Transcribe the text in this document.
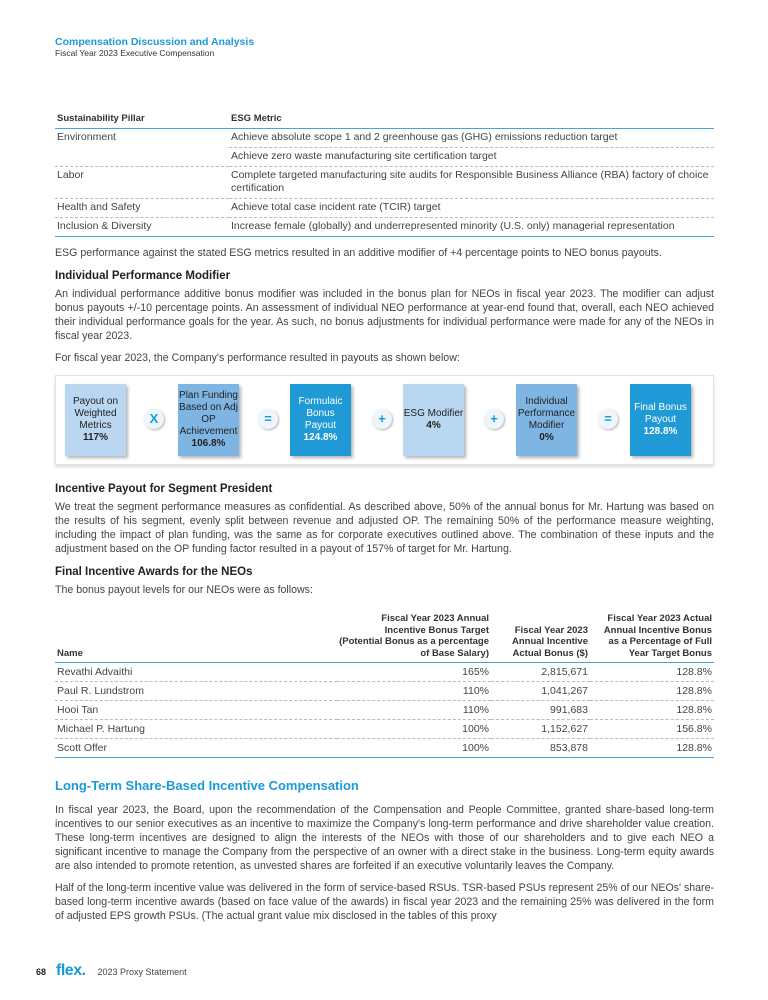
Compensation Discussion and Analysis
Fiscal Year 2023 Executive Compensation
Sustainability Pillar	ESG Metric
Environment	Achieve absolute scope 1 and 2 greenhouse gas (GHG) emissions reduction target
	Achieve zero waste manufacturing site certification target
Labor	Complete targeted manufacturing site audits for Responsible Business Alliance (RBA) factory of choice certification
Health and Safety	Achieve total case incident rate (TCIR) target
Inclusion & Diversity	Increase female (globally) and underrepresented minority (U.S. only) managerial representation

ESG performance against the stated ESG metrics resulted in an additive modifier of +4 percentage points to NEO bonus payouts.

Individual Performance Modifier

An individual performance additive bonus modifier was included in the bonus plan for NEOs in fiscal year 2023. The modifier can adjust bonus payouts +/-10 percentage points. An assessment of individual NEO performance at year-end found that, overall, each NEO achieved their individual performance goals for the year. As such, no bonus adjustments for individual performance were made for any of the NEOs in fiscal year 2023.

For fiscal year 2023, the Company's performance resulted in payouts as shown below:

Payout on Weighted Metrics
117%
X
Plan Funding Based on Adj OP Achievement
106.8%
=
Formulaic Bonus Payout
124.8%
+	ESG Modifier
4%	+
Individual Performance Modifier
0%
=
Final Bonus Payout
128.8%
Incentive Payout for Segment President

We treat the segment performance measures as confidential. As described above, 50% of the annual bonus for Mr. Hartung was based on the results of his segment, evenly split between revenue and adjusted OP. The remaining 50% of the performance measure weighting, including the impact of plan funding, was the same as for corporate executives outlined above. The combination of these inputs and the adjustment based on the OP funding factor resulted in a payout of 157% of target for Mr. Hartung.

Final Incentive Awards for the NEOs

The bonus payout levels for our NEOs were as follows:

Name	Fiscal Year 2023 Annual Incentive Bonus Target (Potential Bonus as a percentage of Base Salary)	Fiscal Year 2023 Annual Incentive Actual Bonus ($)	Fiscal Year 2023 Actual Annual Incentive Bonus as a Percentage of Full Year Target Bonus
Revathi Advaithi	165%	2,815,671	128.8%
Paul R. Lundstrom	110%	1,041,267	128.8%
Hooi Tan	110%	991,683	128.8%
Michael P. Hartung	100%	1,152,627	156.8%
Scott Offer	100%	853,878	128.8%
Long-Term Share-Based Incentive Compensation

In fiscal year 2023, the Board, upon the recommendation of the Compensation and People Committee, granted share-based long-term incentives to our senior executives as an incentive to maximize the Company's long-term performance and drive shareholder value creation. These long-term incentives are designed to align the interests of the NEOs with those of our shareholders and to give each NEO a significant incentive to manage the Company from the perspective of an owner with a direct stake in the business. Long-term equity awards are also intended to promote retention, as unvested shares are forfeited if an executive voluntarily leaves the Company.

Half of the long-term incentive value was delivered in the form of service-based RSUs. TSR-based PSUs represent 25% of our NEOs' share-based long-term incentive awards (based on face value of the awards) in fiscal year 2023 and the remaining 25% was delivered in the form of adjusted EPS growth PSUs. (The actual grant value mix disclosed in the tables of this proxy

68 flex. 2023 Proxy Statement
